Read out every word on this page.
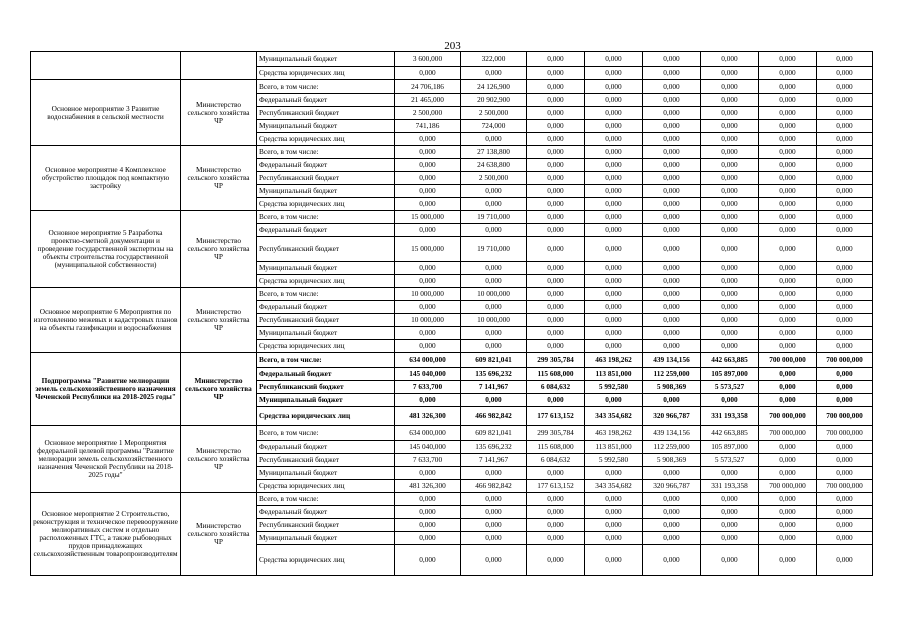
203
		Муниципальный бюджет	3 600,000	322,000	0,000	0,000	0,000	0,000	0,000	0,000
		Средства юридических лиц	0,000	0,000	0,000	0,000	0,000	0,000	0,000	0,000
Основное мероприятие 3 Развитие водоснабжения в сельской местности	Министерство сельского хозяйства ЧР	Всего, в том числе:	24 706,186	24 126,900	0,000	0,000	0,000	0,000	0,000	0,000
		Федеральный бюджет	21 465,000	20 902,900	0,000	0,000	0,000	0,000	0,000	0,000
		Республиканский бюджет	2 500,000	2 500,000	0,000	0,000	0,000	0,000	0,000	0,000
		Муниципальный бюджет	741,186	724,000	0,000	0,000	0,000	0,000	0,000	0,000
		Средства юридических лиц	0,000	0,000	0,000	0,000	0,000	0,000	0,000	0,000
Основное мероприятие 4 Комплексное обустройство площадок под компактную застройку	Министерство сельского хозяйства ЧР	Всего, в том числе:	0,000	27 138,800	0,000	0,000	0,000	0,000	0,000	0,000
		Федеральный бюджет	0,000	24 638,800	0,000	0,000	0,000	0,000	0,000	0,000
		Республиканский бюджет	0,000	2 500,000	0,000	0,000	0,000	0,000	0,000	0,000
		Муниципальный бюджет	0,000	0,000	0,000	0,000	0,000	0,000	0,000	0,000
		Средства юридических лиц	0,000	0,000	0,000	0,000	0,000	0,000	0,000	0,000
Основное мероприятие 5 Разработка проектно-сметной документации и проведение государственной экспертизы на объекты строительства государственной (муниципальной собственности)	Министерство сельского хозяйства ЧР	Всего, в том числе:	15 000,000	19 710,000	0,000	0,000	0,000	0,000	0,000	0,000
		Федеральный бюджет	0,000	0,000	0,000	0,000	0,000	0,000	0,000	0,000
		Республиканский бюджет	15 000,000	19 710,000	0,000	0,000	0,000	0,000	0,000	0,000
		Муниципальный бюджет	0,000	0,000	0,000	0,000	0,000	0,000	0,000	0,000
		Средства юридических лиц	0,000	0,000	0,000	0,000	0,000	0,000	0,000	0,000
Основное мероприятие 6 Мероприятия по изготовлению межевых и кадастровых планов на объекты газификации и водоснабжения	Министерство сельского хозяйства ЧР	Всего, в том числе:	10 000,000	10 000,000	0,000	0,000	0,000	0,000	0,000	0,000
		Федеральный бюджет	0,000	0,000	0,000	0,000	0,000	0,000	0,000	0,000
		Республиканский бюджет	10 000,000	10 000,000	0,000	0,000	0,000	0,000	0,000	0,000
		Муниципальный бюджет	0,000	0,000	0,000	0,000	0,000	0,000	0,000	0,000
		Средства юридических лиц	0,000	0,000	0,000	0,000	0,000	0,000	0,000	0,000
Подпрограмма "Развитие мелиорации земель сельскохозяйственного назначения Чеченской Республики на 2018-2025 годы"	Министерство сельского хозяйства ЧР	Всего, в том числе:	634 000,000	609 821,041	299 305,784	463 198,262	439 134,156	442 663,885	700 000,000	700 000,000
		Федеральный бюджет	145 040,000	135 696,232	115 608,000	113 851,000	112 259,000	105 897,000	0,000	0,000
		Республиканский бюджет	7 633,700	7 141,967	6 084,632	5 992,580	5 908,369	5 573,527	0,000	0,000
		Муниципальный бюджет	0,000	0,000	0,000	0,000	0,000	0,000	0,000	0,000
		Средства юридических лиц	481 326,300	466 982,842	177 613,152	343 354,682	320 966,787	331 193,358	700 000,000	700 000,000
Основное мероприятие 1 Мероприятия федеральной целевой программы "Развитие мелиорации земель сельскохозяйственного назначения Чеченской Республики на 2018-2025 годы"	Министерство сельского хозяйства ЧР	Всего, в том числе:	634 000,000	609 821,041	299 305,784	463 198,262	439 134,156	442 663,885	700 000,000	700 000,000
		Федеральный бюджет	145 040,000	135 696,232	115 608,000	113 851,000	112 259,000	105 897,000	0,000	0,000
		Республиканский бюджет	7 633,700	7 141,967	6 084,632	5 992,580	5 908,369	5 573,527	0,000	0,000
		Муниципальный бюджет	0,000	0,000	0,000	0,000	0,000	0,000	0,000	0,000
		Средства юридических лиц	481 326,300	466 982,842	177 613,152	343 354,682	320 966,787	331 193,358	700 000,000	700 000,000
Основное мероприятие 2 Строительство, реконструкция и техническое перевооружение мелиоративных систем и отдельно расположенных ГТС, а также рыбоводных прудов принадлежащих сельскохозяйственным товаропроизводителям	Министерство сельского хозяйства ЧР	Всего, в том числе:	0,000	0,000	0,000	0,000	0,000	0,000	0,000	0,000
		Федеральный бюджет	0,000	0,000	0,000	0,000	0,000	0,000	0,000	0,000
		Республиканский бюджет	0,000	0,000	0,000	0,000	0,000	0,000	0,000	0,000
		Муниципальный бюджет	0,000	0,000	0,000	0,000	0,000	0,000	0,000	0,000
		Средства юридических лиц	0,000	0,000	0,000	0,000	0,000	0,000	0,000	0,000
